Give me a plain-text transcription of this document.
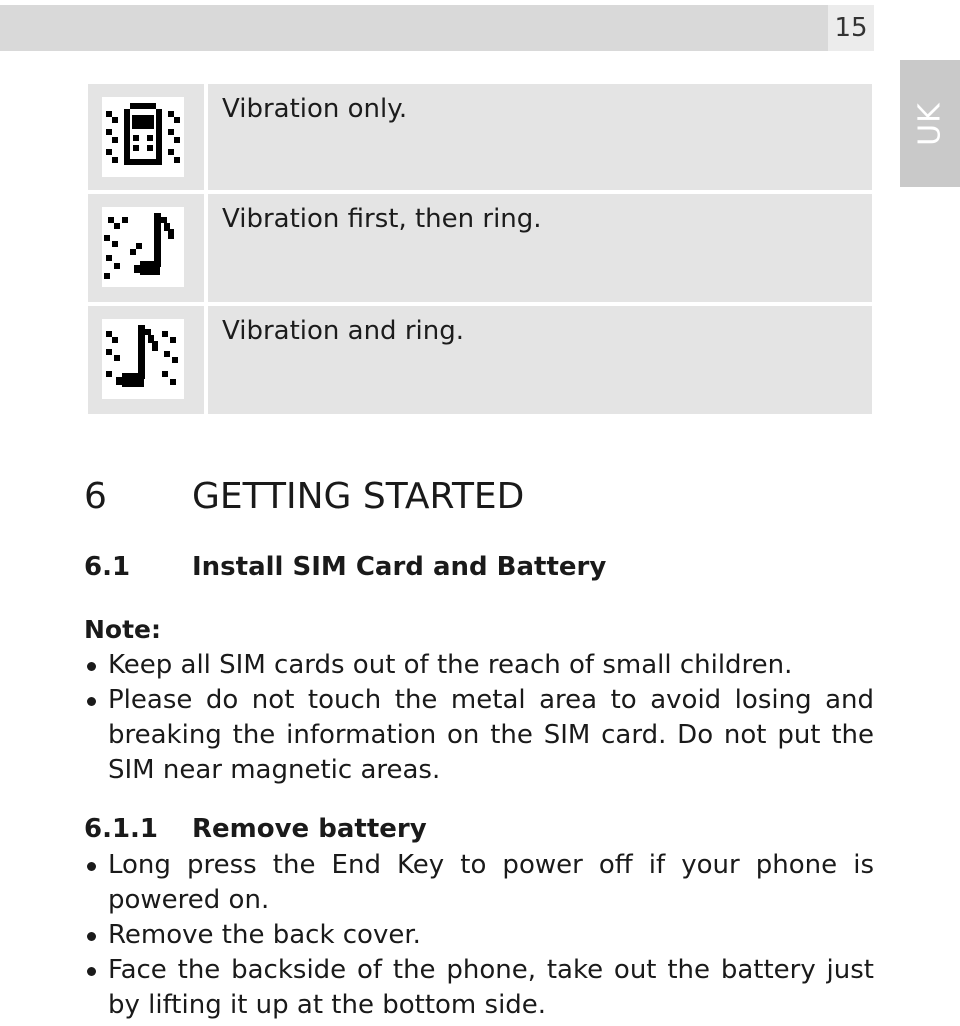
15
UK
Vibration only.
Vibration first, then ring.
Vibration and ring.
6 GETTING STARTED
6.1 Install SIM Card and Battery
Note:
Keep all SIM cards out of the reach of small children.
Please do not touch the metal area to avoid losing and breaking the information on the SIM card. Do not put the SIM near magnetic areas.
6.1.1 Remove battery
Long press the End Key to power off if your phone is powered on.
Remove the back cover.
Face the backside of the phone, take out the battery just by lifting it up at the bottom side.
